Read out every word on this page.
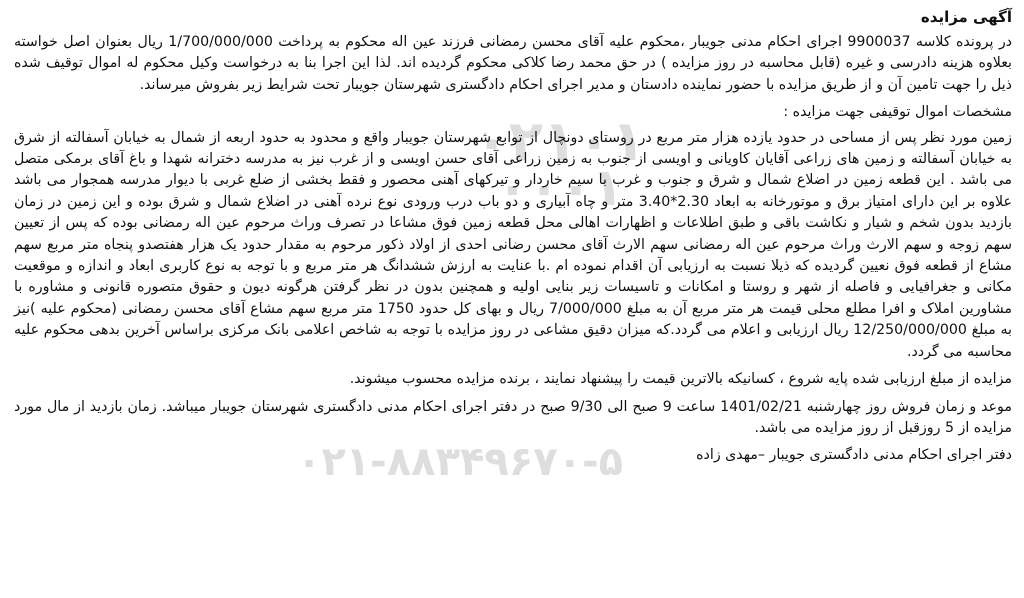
۰۲۱۰۱
۰۰۰۱
۰۲۱-۸۸۳۴۹۶۷۰-۵
آگهی مزایده
در پرونده کلاسه 9900037 اجرای احکام مدنی جویبار ،محکوم علیه آقای محسن رمضانی فرزند عین اله محکوم به پرداخت 1/700/000/000 ریال بعنوان اصل خواسته بعلاوه هزینه دادرسی و غیره (قابل محاسبه در روز مزایده ) در حق محمد رضا کلاکی محکوم گردیده اند. لذا این اجرا بنا به درخواست وکیل محکوم له اموال توقیف شده ذیل را جهت تامین آن و از طریق مزایده با حضور نماینده دادستان و مدیر اجرای احکام دادگستری شهرستان جویبار تحت شرایط زیر بفروش میرساند.
مشخصات اموال توقیفی جهت مزایده :
زمین مورد نظر پس از مساحی در حدود یازده هزار متر مربع در روستای دونچال از توابع شهرستان جویبار واقع و محدود به حدود اربعه از شمال به خیابان آسفالته از شرق به خیابان آسفالته و زمین های زراعی آقایان کاویانی و اویسی از جنوب به زمین زراعی آقای حسن اویسی و از غرب نیز به مدرسه دخترانه شهدا و باغ آقای برمکی متصل می باشد . این قطعه زمین در اضلاع شمال و شرق و جنوب و غرب با سیم خاردار و تیرکهای آهنی محصور و فقط بخشی از ضلع غربی با دیوار مدرسه همجوار می باشد علاوه بر این دارای امتیاز برق و موتورخانه به ابعاد 2.30*3.40 متر و چاه آبیاری و دو باب درب ورودی نوع نرده آهنی در اضلاع شمال و شرق بوده و این زمین در زمان بازدید بدون شخم و شیار و نکاشت باقی و طبق اطلاعات و اظهارات اهالی محل قطعه زمین فوق مشاعا در تصرف وراث مرحوم عین اله رمضانی بوده که پس از تعیین سهم زوجه و سهم الارث وراث مرحوم عین اله رمضانی سهم الارث آقای محسن رضانی احدی از اولاد ذکور مرحوم به مقدار حدود یک هزار هفتصدو پنجاه متر مربع سهم مشاع از قطعه فوق نعیین گردیده که ذیلا نسبت به ارزیابی آن اقدام نموده ام .با عنایت به ارزش ششدانگ هر متر مربع و با توجه به نوع کاربری ابعاد و اندازه و موقعیت مکانی و جغرافیایی و فاصله از شهر و روستا و امکانات و تاسیسات زیر بنایی اولیه و همچنین بدون در نظر گرفتن هرگونه دیون و حقوق متصوره قانونی و مشاوره با مشاورین املاک و افرا مطلع محلی قیمت هر متر مربع آن به مبلغ 7/000/000 ریال و بهای کل حدود 1750 متر مربع سهم مشاع آقای محسن رمضانی (محکوم علیه )نیز به مبلغ 12/250/000/000 ریال ارزیابی و اعلام می گردد.که میزان دقیق مشاعی در روز مزایده با توجه به شاخص اعلامی بانک مرکزی براساس آخرین بدهی محکوم علیه محاسبه می گردد.
مزایده از مبلغ ارزیابی شده پایه شروع ، کسانیکه بالاترین قیمت را پیشنهاد نمایند ، برنده مزایده محسوب میشوند.
موعد و زمان فروش روز چهارشنبه 1401/02/21 ساعت 9 صبح الی 9/30 صبح در دفتر اجرای احکام مدنی دادگستری شهرستان جویبار میباشد. زمان بازدید از مال مورد مزایده از 5 روزقبل از روز مزایده می باشد.
دفتر اجرای احکام مدنی دادگستری جویبار –مهدی زاده
